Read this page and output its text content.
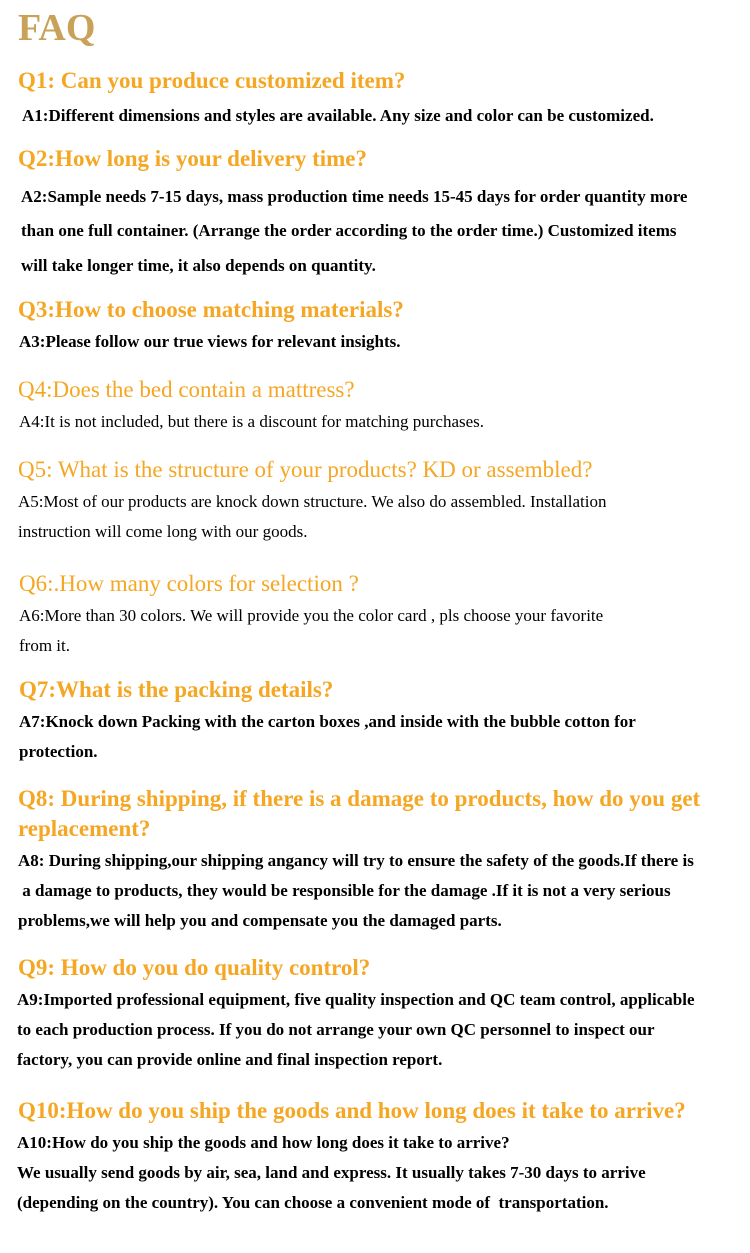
FAQ
Q1: Can you produce customized item?
A1:Different dimensions and styles are available. Any size and color can be customized.
Q2:How long is your delivery time?
A2:Sample needs 7-15 days, mass production time needs 15-45 days for order quantity more
than one full container. (Arrange the order according to the order time.) Customized items
will take longer time, it also depends on quantity.
Q3:How to choose matching materials?
A3:Please follow our true views for relevant insights.
Q4:Does the bed contain a mattress?
A4:It is not included, but there is a discount for matching purchases.
Q5: What is the structure of your products? KD or assembled?
A5:Most of our products are knock down structure. We also do assembled. Installation
instruction will come long with our goods.
Q6:.How many colors for selection ?
A6:More than 30 colors. We will provide you the color card , pls choose your favorite
from it.
Q7:What is the packing details?
A7:Knock down Packing with the carton boxes ,and inside with the bubble cotton for
protection.
Q8: During shipping, if there is a damage to products, how do you get
replacement?
A8: During shipping,our shipping angancy will try to ensure the safety of the goods.If there is
a damage to products, they would be responsible for the damage .If it is not a very serious
problems,we will help you and compensate you the damaged parts.
Q9: How do you do quality control?
A9:Imported professional equipment, five quality inspection and QC team control, applicable
to each production process. If you do not arrange your own QC personnel to inspect our
factory, you can provide online and final inspection report.
Q10:How do you ship the goods and how long does it take to arrive?
A10:How do you ship the goods and how long does it take to arrive?
We usually send goods by air, sea, land and express. It usually takes 7-30 days to arrive
(depending on the country). You can choose a convenient mode of  transportation.
